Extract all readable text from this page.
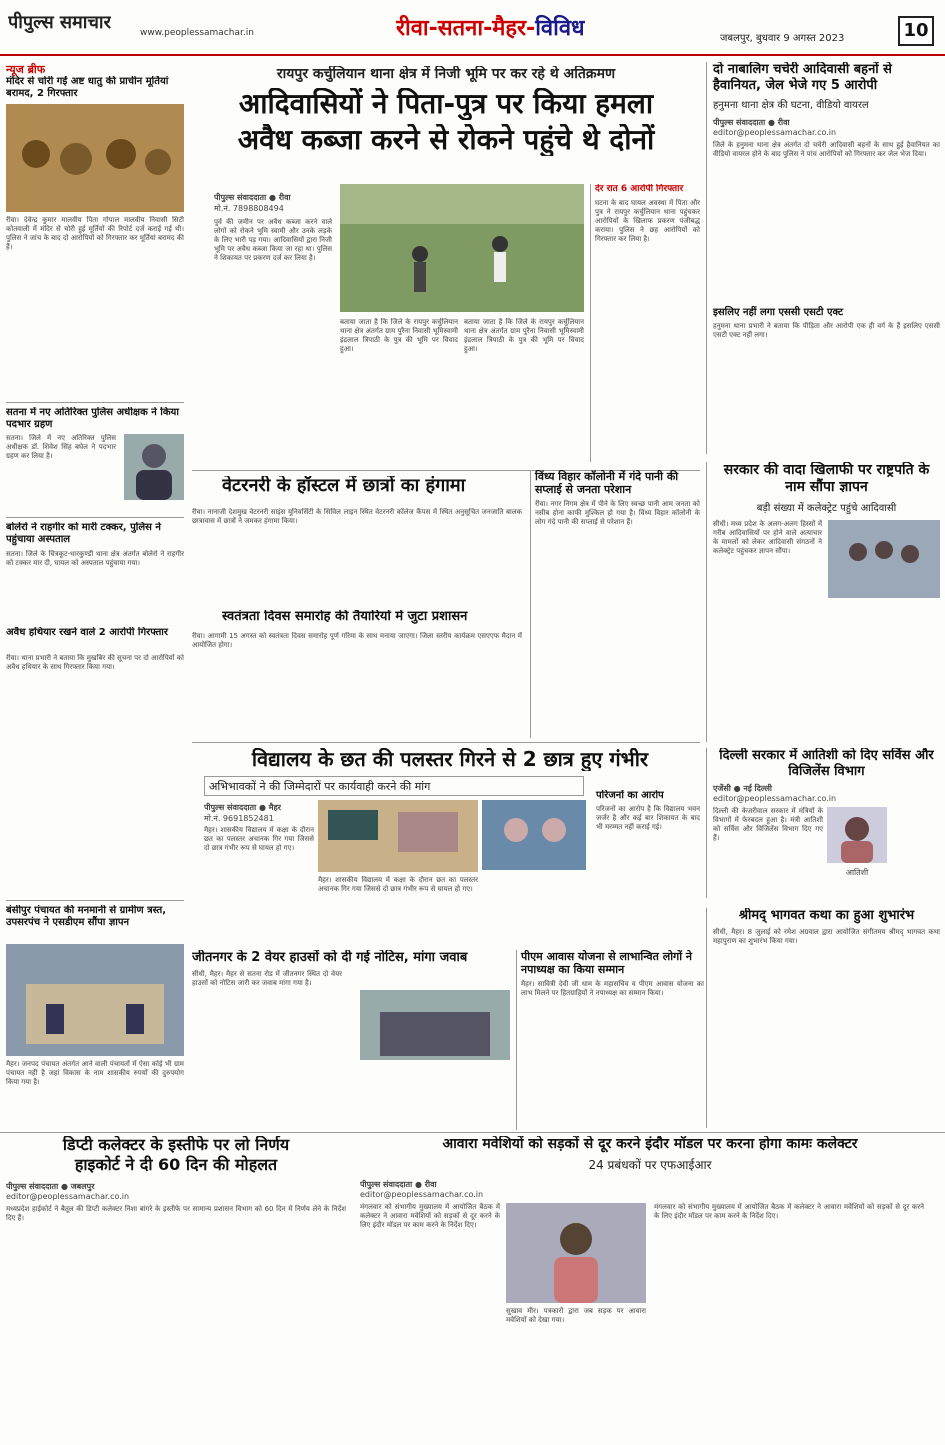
पीपुल्स समाचार	www.peoplessamachar.in	रीवा-सतना-मैहर-विविध	जबलपुर, बुधवार 9 अगस्त 2023	10
न्यूज ब्रीफ
मंदिर से चोरी गईं अष्ट धातु की प्राचीन मूर्तियां बरामद, 2 गिरफ्तार
रीवा। देवेन्द्र कुमार मालवीय पिता गोपाल मालवीय निवासी सिटी कोतवाली में मंदिर से चोरी हुई मूर्तियों की रिपोर्ट दर्ज कराई गई थी। पुलिस ने जांच के बाद दो आरोपियों को गिरफ्तार कर मूर्तियां बरामद की हैं।
सतना में नए अतिरिक्त पुलिस अधीक्षक ने किया पदभार ग्रहण
सतना। जिले में नए अतिरिक्त पुलिस अधीक्षक डॉ. शिवेश सिंह बघेल ने पदभार ग्रहण कर लिया है।
बोलेरो ने राहगीर को मारी टक्कर, पुलिस ने पहुंचाया अस्पताल
सतना। जिले के चित्रकूट-धारकुण्डी थाना क्षेत्र अंतर्गत बोलेरो ने राहगीर को टक्कर मार दी, घायल को अस्पताल पहुंचाया गया।
अवैध हथियार रखने वाले 2 आरोपी गिरफ्तार
रीवा। थाना प्रभारी ने बताया कि मुखबिर की सूचना पर दो आरोपियों को अवैध हथियार के साथ गिरफ्तार किया गया।
बंसीपुर पंचायत की मनमानी से ग्रामीण त्रस्त, उपसरपंच ने एसडीएम सौंपा ज्ञापन
मैहर। जनपद पंचायत अंतर्गत आने वाली पंचायतों में ऐसा कोई भी ग्राम पंचायत नहीं है जहां विकास के नाम शासकीय रुपयों की दुरुपयोग किया गया है।
रायपुर कर्चुलियान थाना क्षेत्र में निजी भूमि पर कर रहे थे अतिक्रमण
आदिवासियों ने पिता-पुत्र पर किया हमला
अवैध कब्जा करने से रोकने पहुंचे थे दोनों
पीपुल्स संवाददाता ● रीवा
मो.नं. 7898808494
पुर्व की जमीन पर अवैध कब्जा करने वाले लोगों को रोकने भूमि स्वामी और उनके लड़के के लिए भारी पड़ गया। आदिवासियों द्वारा निजी भूमि पर अवैध कब्जा किया जा रहा था। पुलिस ने शिकायत पर प्रकरण दर्ज कर लिया है।
बताया जाता है कि जिले के रायपुर कर्चुलियान थाना क्षेत्र अंतर्गत ग्राम पुरैना निवासी भूमिस्वामी इंद्रलाल त्रिपाठी के पुत्र की भूमि पर विवाद हुआ।
बताया जाता है कि जिले के रायपुर कर्चुलियान थाना क्षेत्र अंतर्गत ग्राम पुरैना निवासी भूमिस्वामी इंद्रलाल त्रिपाठी के पुत्र की भूमि पर विवाद हुआ।
देर रात 6 आरोपी गिरफ्तार
घटना के बाद घायल अवस्था में पिता और पुत्र ने रायपुर कर्चुलियान थाना पहुंचकर आरोपियों के खिलाफ प्रकरण पंजीबद्ध कराया। पुलिस ने छह आरोपियों को गिरफ्तार कर लिया है।
दो नाबालिग चचेरी आदिवासी बहनों से हैवानियत, जेल भेजे गए 5 आरोपी
हनुमना थाना क्षेत्र की घटना, वीडियो वायरल
पीपुल्स संवाददाता ● रीवा
editor@peoplessamachar.co.in
जिले के हनुमना थाना क्षेत्र अंतर्गत दो चचेरी आदिवासी बहनों के साथ हुई हैवानियत का वीडियो वायरल होने के बाद पुलिस ने पांच आरोपियों को गिरफ्तार कर जेल भेज दिया।
इसलिए नहीं लगा एससी एसटी एक्ट
हनुमना थाना प्रभारी ने बताया कि पीड़िता और आरोपी एक ही वर्ग के हैं इसलिए एससी एसटी एक्ट नहीं लगा।
वेटरनरी के हॉस्टल में छात्रों का हंगामा
रीवा। नानाजी देशमुख वेटरनरी साइंस यूनिवर्सिटी के सिविल लाइन स्थित वेटरनरी कॉलेज कैंपस में स्थित अनुसूचित जनजाति बालक छात्रावास में छात्रों ने जमकर हंगामा किया।
स्वतंत्रता दिवस समारोह की तैयारियों में जुटा प्रशासन
रीवा। आगामी 15 अगस्त को स्वतंत्रता दिवस समारोह पूर्ण गरिमा के साथ मनाया जाएगा। जिला स्तरीय कार्यक्रम एसएएफ मैदान में आयोजित होगा।
विंध्य विहार कॉलोनी में गंदे पानी की सप्लाई से जनता परेशान
रीवा। नगर निगम क्षेत्र में पीने के लिए स्वच्छ पानी आम जनता को नसीब होना काफी मुश्किल हो गया है। विंध्य विहार कॉलोनी के लोग गंदे पानी की सप्लाई से परेशान हैं।
सरकार की वादा खिलाफी पर राष्ट्रपति के नाम सौंपा ज्ञापन
बड़ी संख्या में कलेक्ट्रेट पहुंचे आदिवासी
सीधी। मध्य प्रदेश के अलग-अलग हिस्सों में गरीब आदिवासियों पर होने वाले अत्याचार के मामलों को लेकर आदिवासी संगठनों ने कलेक्ट्रेट पहुंचकर ज्ञापन सौंपा।
विद्यालय के छत की पलस्तर गिरने से 2 छात्र हुए गंभीर
अभिभावकों ने की जिम्मेदारों पर कार्यवाही करने की मांग
पीपुल्स संवाददाता ● मैहर
मो.नं. 9691852481
मैहर। शासकीय विद्यालय में कक्षा के दौरान छत का पलस्तर अचानक गिर गया जिससे दो छात्र गंभीर रूप से घायल हो गए।
मैहर। शासकीय विद्यालय में कक्षा के दौरान छत का पलस्तर अचानक गिर गया जिससे दो छात्र गंभीर रूप से घायल हो गए।
परिजनों का आरोप
परिजनों का आरोप है कि विद्यालय भवन जर्जर है और कई बार शिकायत के बाद भी मरम्मत नहीं कराई गई।
दिल्ली सरकार में आतिशी को दिए सर्विस और विजिलेंस विभाग
एजेंसी ● नई दिल्ली
editor@peoplessamachar.co.in
दिल्ली की केजरीवाल सरकार में मंत्रियों के विभागों में फेरबदल हुआ है। मंत्री आतिशी को सर्विस और विजिलेंस विभाग दिए गए हैं।
आतिशी
श्रीमद् भागवत कथा का हुआ शुभारंभ
सीधी, मैहर। 8 जुलाई को रमेश अग्रवाल द्वारा आयोजित संगीतमय श्रीमद् भागवत कथा महापुराण का शुभारंभ किया गया।
जीतनगर के 2 वेयर हाउसों को दी गई नोटिस, मांगा जवाब
सीधी, मैहर। मैहर से सतना रोड में जीतनगर स्थित दो वेयर हाउसों को नोटिस जारी कर जवाब मांगा गया है।
पीएम आवास योजना से लाभान्वित लोगों ने नपाध्यक्ष का किया सम्मान
मैहर। सावित्री देवी जी धाम के महासचिव व पीएम आवास योजना का लाभ मिलने पर हितग्राहियों ने नपाध्यक्ष का सम्मान किया।
डिप्टी कलेक्टर के इस्तीफे पर लो निर्णय
हाइकोर्ट ने दी 60 दिन की मोहलत
पीपुल्स संवाददाता ● जबलपुर
editor@peoplessamachar.co.in
मध्यप्रदेश हाईकोर्ट ने बैतूल की डिप्टी कलेक्टर निशा बांगरे के इस्तीफे पर सामान्य प्रशासन विभाग को 60 दिन में निर्णय लेने के निर्देश दिए हैं।
आवारा मवेशियों को सड़कों से दूर करने इंदौर मॉडल पर करना होगा कामः कलेक्टर
24 प्रबंधकों पर एफआईआर
पीपुल्स संवाददाता ● रीवा
editor@peoplessamachar.co.in
मंगलवार को संभागीय मुख्यालय में आयोजित बैठक में कलेक्टर ने आवारा मवेशियों को सड़कों से दूर करने के लिए इंदौर मॉडल पर काम करने के निर्देश दिए।
सुखाव मीर। पत्रकारों द्वारा जब सड़क पर आवारा मवेशियों को देखा गया।
मंगलवार को संभागीय मुख्यालय में आयोजित बैठक में कलेक्टर ने आवारा मवेशियों को सड़कों से दूर करने के लिए इंदौर मॉडल पर काम करने के निर्देश दिए।
